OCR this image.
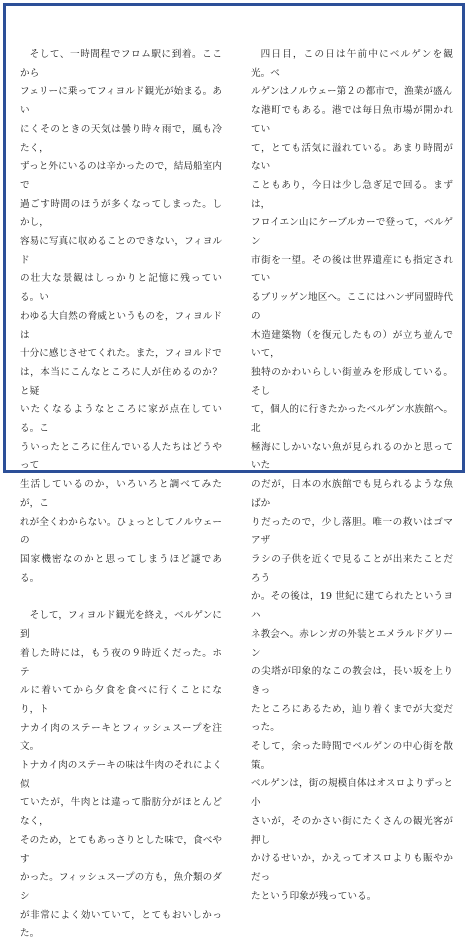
そして、一時間程でフロム駅に到着。ここから
フェリーに乗ってフィヨルド観光が始まる。あい
にくそのときの天気は曇り時々雨で，風も冷たく，
ずっと外にいるのは辛かったので，結局船室内で
過ごす時間のほうが多くなってしまった。しかし，
容易に写真に収めることのできない，フィヨルド
の壮大な景観はしっかりと記憶に残っている。い
わゆる大自然の脅威というものを，フィヨルドは
十分に感じさせてくれた。また，フィヨルドで
は，本当にこんなところに人が住めるのか？と疑
いたくなるようなところに家が点在している。こ
ういったところに住んでいる人たちはどうやって
生活しているのか，いろいろと調べてみたが，こ
れが全くわからない。ひょっとしてノルウェーの
国家機密なのかと思ってしまうほど謎である。

そして，フィヨルド観光を終え，ベルゲンに到
着した時には，もう夜の９時近くだった。ホテ
ルに着いてから夕食を食べに行くことになり，ト
ナカイ肉のステーキとフィッシュスープを注文。
トナカイ肉のステーキの味は牛肉のそれによく似
ていたが，牛肉とは違って脂肪分がほとんどなく，
そのため，とてもあっさりとした味で，食べやす
かった。フィッシュスープの方も，魚介類のダシ
が非常によく効いていて，とてもおいしかった。

四日目，この日は午前中にベルゲンを観光。ベ
ルゲンはノルウェー第２の都市で，漁業が盛ん
な港町でもある。港では毎日魚市場が開かれてい
て，とても活気に溢れている。あまり時間がない
こともあり，今日は少し急ぎ足で回る。まずは，
フロイエン山にケーブルカーで登って，ベルゲン
市街を一望。その後は世界遺産にも指定されてい
るブリッゲン地区へ。ここにはハンザ同盟時代の
木造建築物（を復元したもの）が立ち並んでいて，
独特のかわいらしい街並みを形成している。そし
て，個人的に行きたかったベルゲン水族館へ。北
極海にしかいない魚が見られるのかと思っていた
のだが，日本の水族館でも見られるような魚ばか
りだったので，少し落胆。唯一の救いはゴマアザ
ラシの子供を近くで見ることが出来たことだろう
か。その後は，19 世紀に建てられたというヨハ
ネ教会へ。赤レンガの外装とエメラルドグリーン
の尖塔が印象的なこの教会は，長い坂を上りきっ
たところにあるため，辿り着くまでが大変だった。
そして，余った時間でベルゲンの中心街を散策。
ベルゲンは，街の規模自体はオスロよりずっと小
さいが，そのかさい街にたくさんの観光客が押し
かけるせいか，かえってオスロよりも賑やかだっ
たという印象が残っている。
